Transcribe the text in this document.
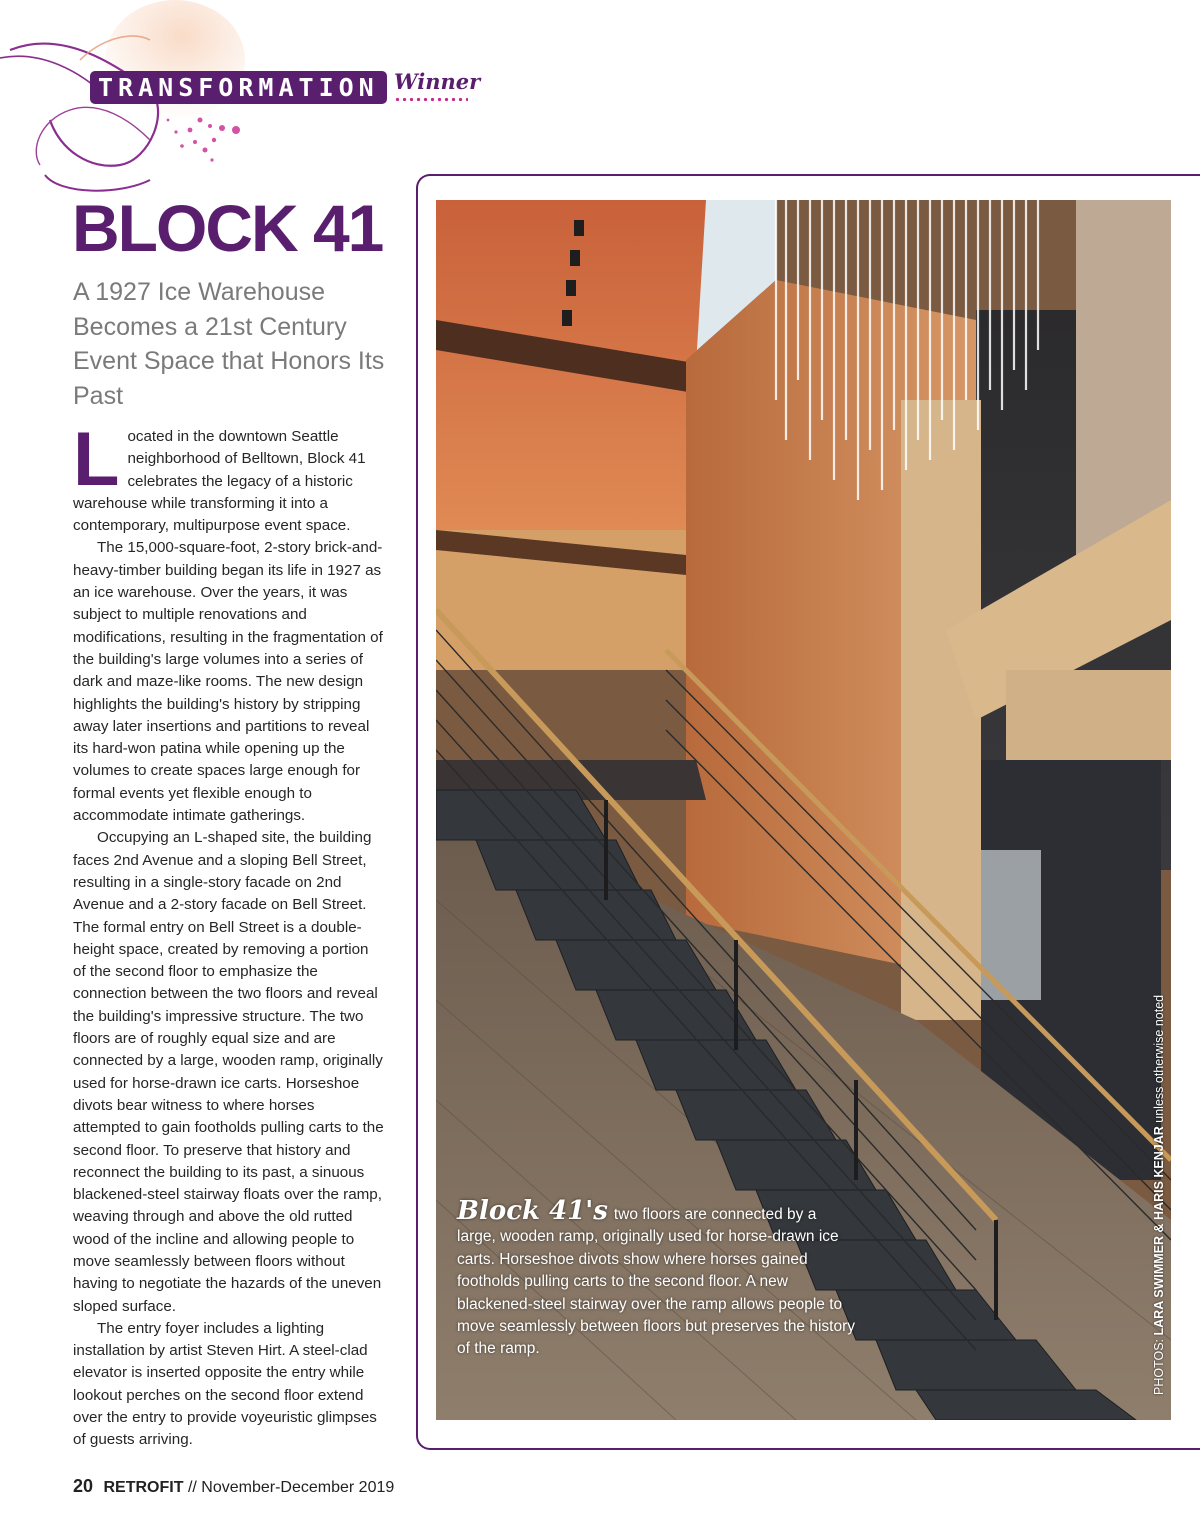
TRANSFORMATION Winner
BLOCK 41
A 1927 Ice Warehouse Becomes a 21st Century Event Space that Honors Its Past

Located in the downtown Seattle neighborhood of Belltown, Block 41 celebrates the legacy of a historic warehouse while transforming it into a contemporary, multipurpose event space.

The 15,000-square-foot, 2-story brick-and-heavy-timber building began its life in 1927 as an ice warehouse. Over the years, it was subject to multiple renovations and modifications, resulting in the fragmentation of the building's large volumes into a series of dark and maze-like rooms. The new design highlights the building's history by stripping away later insertions and partitions to reveal its hard-won patina while opening up the volumes to create spaces large enough for formal events yet flexible enough to accommodate intimate gatherings.

Occupying an L-shaped site, the building faces 2nd Avenue and a sloping Bell Street, resulting in a single-story facade on 2nd Avenue and a 2-story facade on Bell Street. The formal entry on Bell Street is a double-height space, created by removing a portion of the second floor to emphasize the connection between the two floors and reveal the building's impressive structure. The two floors are of roughly equal size and are connected by a large, wooden ramp, originally used for horse-drawn ice carts. Horseshoe divots bear witness to where horses attempted to gain footholds pulling carts to the second floor. To preserve that history and reconnect the building to its past, a sinuous blackened-steel stairway floats over the ramp, weaving through and above the old rutted wood of the incline and allowing people to move seamlessly between floors without having to negotiate the hazards of the uneven sloped surface.

The entry foyer includes a lighting installation by artist Steven Hirt. A steel-clad elevator is inserted opposite the entry while lookout perches on the second floor extend over the entry to provide voyeuristic glimpses of guests arriving.

20 RETROFIT // November-December 2019
Block 41's two floors are connected by a large, wooden ramp, originally used for horse-drawn ice carts. Horseshoe divots show where horses gained footholds pulling carts to the second floor. A new blackened-steel stairway over the ramp allows people to move seamlessly between floors but preserves the history of the ramp.	PHOTOS: LARA SWIMMER & HARIS KENJAR unless otherwise noted
